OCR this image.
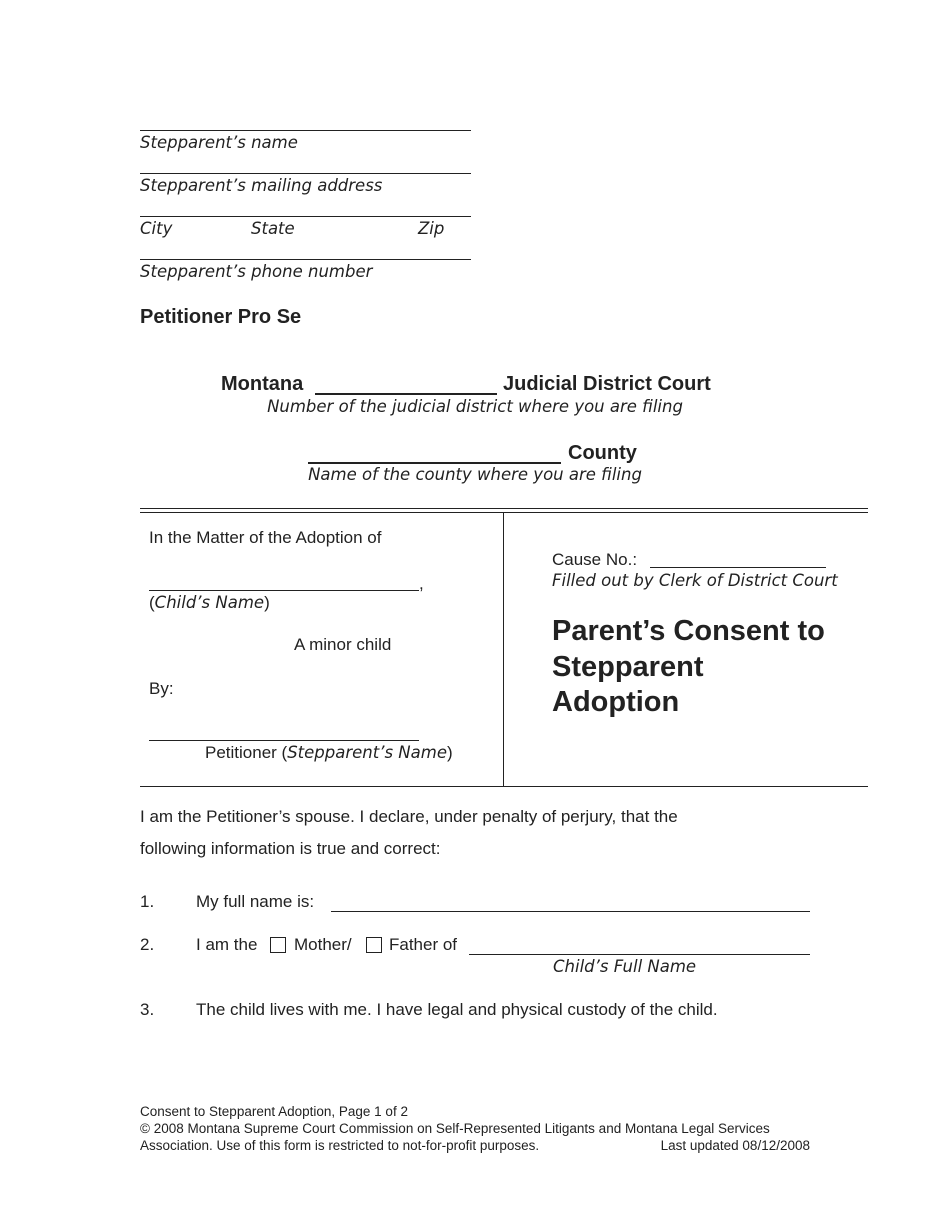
Stepparent’s name
Stepparent’s mailing address
City	State	Zip
Stepparent’s phone number
Petitioner Pro Se
Montana	Judicial District Court
Number of the judicial district where you are filing
County
Name of the county where you are filing
In the Matter of the Adoption of
,
(Child’s Name)
A minor child
By:
Petitioner (Stepparent’s Name)
Cause No.:
Filled out by Clerk of District Court
Parent’s Consent to
Stepparent
Adoption
I am the Petitioner’s spouse. I declare, under penalty of perjury, that the
following information is true and correct:
1. My full name is:
2. I am the Mother/ Father of
Child’s Full Name
3. The child lives with me. I have legal and physical custody of the child.
Consent to Stepparent Adoption, Page 1 of 2
© 2008 Montana Supreme Court Commission on Self-Represented Litigants and Montana Legal Services
Association. Use of this form is restricted to not-for-profit purposes.	Last updated 08/12/2008
